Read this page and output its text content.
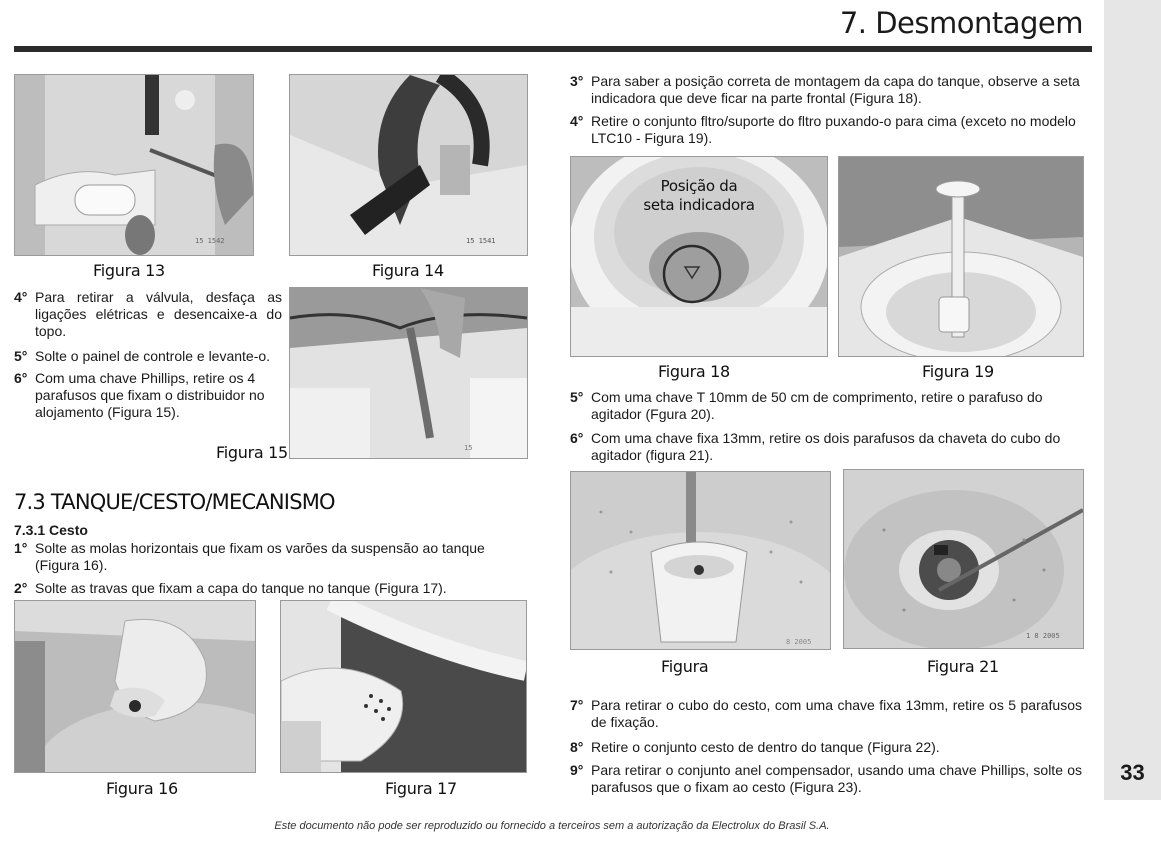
7. Desmontagem
33
15 1542
Figura 13
15 1541
Figura 14
4° Para retirar a válvula, desfaça as ligações elétricas e desencaixe-a do topo.
5° Solte o painel de controle e levante-o.
6° Com uma chave Phillips, retire os 4 parafusos que fixam o distribuidor no alojamento (Figura 15).
15
Figura 15
7.3 TANQUE/CESTO/MECANISMO
7.3.1 Cesto
1° Solte as molas horizontais que fixam os varões da suspensão ao tanque (Figura 16).
2° Solte as travas que fixam a capa do tanque no tanque (Figura 17).
Figura 16	Figura 17
3° Para saber a posição correta de montagem da capa do tanque, observe a seta indicadora que deve ficar na parte frontal (Figura 18).
4° Retire o conjunto fltro/suporte do fltro puxando-o para cima (exceto no modelo LTC10 - Figura 19).
Posição da
seta indicadora
Figura 18	Figura 19
5° Com uma chave T 10mm de 50 cm de comprimento, retire o parafuso do agitador (Fgura 20).
6° Com uma chave fixa 13mm, retire os dois parafusos da chaveta do cubo do agitador (figura 21).
8 2005
Figura
1 8 2005
Figura 21
7° Para retirar o cubo do cesto, com uma chave fixa 13mm, retire os 5 parafusos de fixação.
8° Retire o conjunto cesto de dentro do tanque (Figura 22).
9° Para retirar o conjunto anel compensador, usando uma chave Phillips, solte os parafusos que o fixam ao cesto (Figura 23).
Este documento não pode ser reproduzido ou fornecido a terceiros sem a autorização da Electrolux do Brasil S.A.
